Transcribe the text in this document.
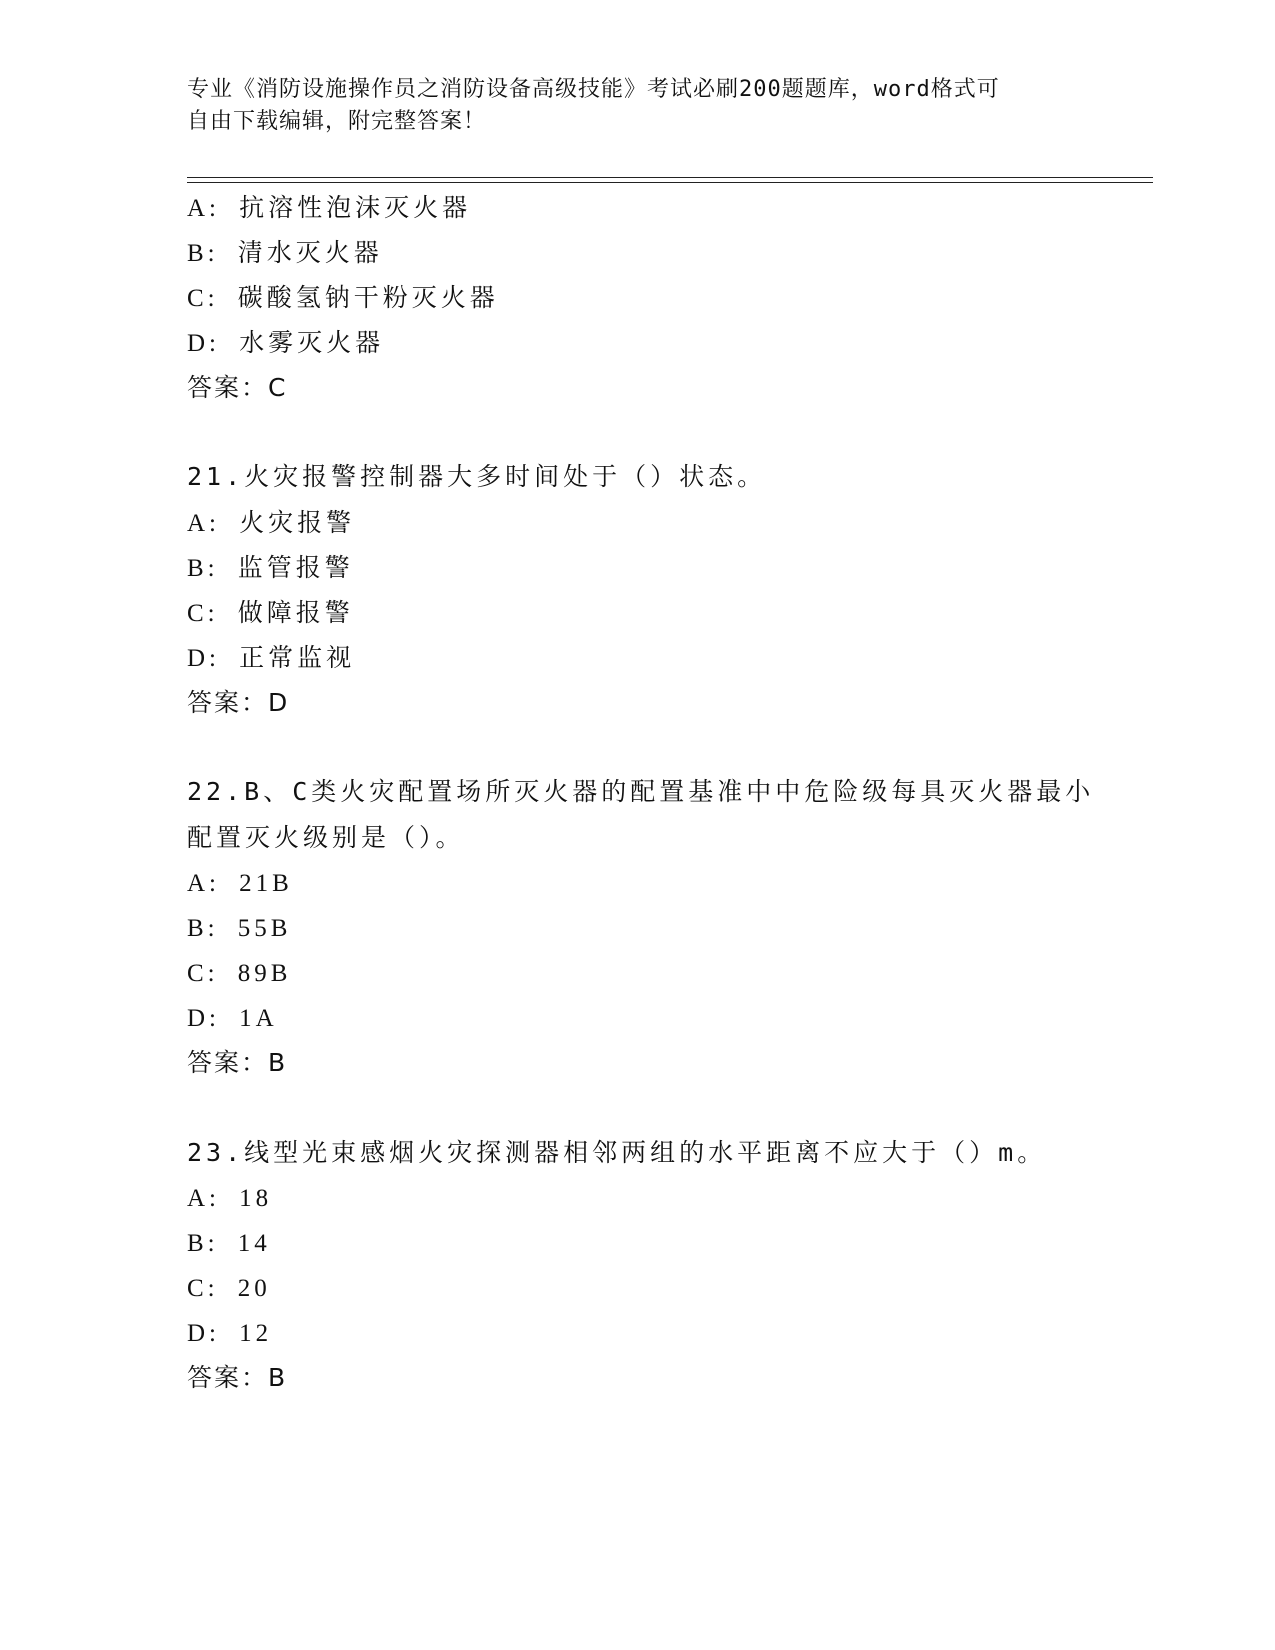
专业《消防设施操作员之消防设备高级技能》考试必刷200题题库，word格式可
自由下载编辑，附完整答案！
A: 抗溶性泡沫灭火器
B: 清水灭火器
C: 碳酸氢钠干粉灭火器
D: 水雾灭火器
答案：C
21.火灾报警控制器大多时间处于（）状态。
A: 火灾报警
B: 监管报警
C: 做障报警
D: 正常监视
答案：D
22.B、C类火灾配置场所灭火器的配置基准中中危险级每具灭火器最小
配置灭火级别是（）。
A: 21B
B: 55B
C: 89B
D: 1A
答案：B
23.线型光束感烟火灾探测器相邻两组的水平距离不应大于（）m。
A: 18
B: 14
C: 20
D: 12
答案：B
